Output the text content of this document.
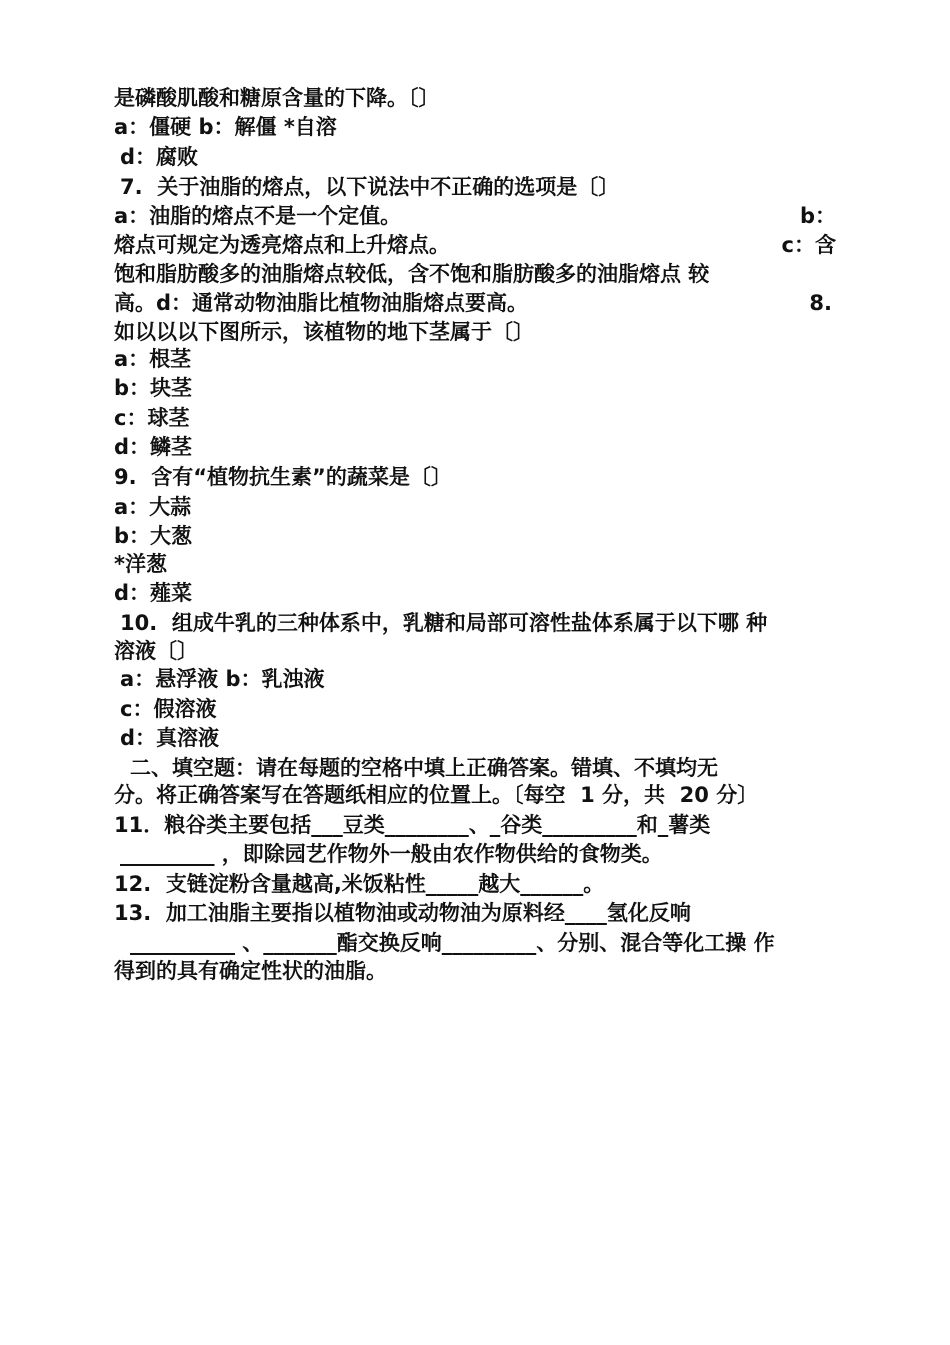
是磷酸肌酸和糖原含量的下降。〔〕
a：僵硬 b：解僵 *自溶
d：腐败
7.  关于油脂的熔点，以下说法中不正确的选项是〔〕
a：油脂的熔点不是一个定值。	b：
熔点可规定为透亮熔点和上升熔点。	c：含
饱和脂肪酸多的油脂熔点较低，含不饱和脂肪酸多的油脂熔点 较
高。d：通常动物油脂比植物油脂熔点要高。	8.
如以以以下图所示，该植物的地下茎属于〔〕
a：根茎
b：块茎
c：球茎
d：鳞茎
9.  含有“植物抗生素”的蔬菜是〔〕
a：大蒜
b：大葱
*洋葱
d：薤菜
10.  组成牛乳的三种体系中，乳糖和局部可溶性盐体系属于以下哪 种
溶液〔〕
a：悬浮液 b：乳浊液
c：假溶液
d：真溶液
二、填空题：请在每题的空格中填上正确答案。错填、不填均无
分。将正确答案写在答题纸相应的位置上。〔每空  1 分，共  20 分〕
11．粮谷类主要包括___豆类________、_谷类_________和_薯类
_________ ，即除园艺作物外一般由农作物供给的食物类。
12.  支链淀粉含量越高,米饭粘性_____越大______。
13.  加工油脂主要指以植物油或动物油为原料经____氢化反响
__________ 、_______酯交换反响_________、分别、混合等化工操 作
得到的具有确定性状的油脂。
